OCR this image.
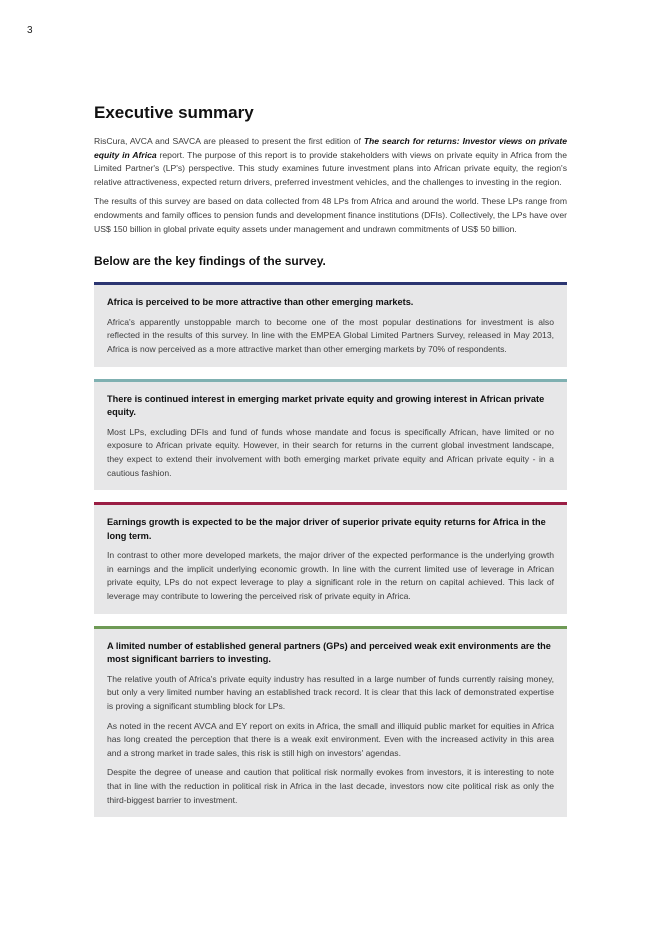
3
Executive summary

RisCura, AVCA and SAVCA are pleased to present the first edition of The search for returns: Investor views on private equity in Africa report. The purpose of this report is to provide stakeholders with views on private equity in Africa from the Limited Partner's (LP's) perspective. This study examines future investment plans into African private equity, the region's relative attractiveness, expected return drivers, preferred investment vehicles, and the challenges to investing in the region.

The results of this survey are based on data collected from 48 LPs from Africa and around the world. These LPs range from endowments and family offices to pension funds and development finance institutions (DFIs). Collectively, the LPs have over US$ 150 billion in global private equity assets under management and undrawn commitments of US$ 50 billion.

Below are the key findings of the survey.
Africa is perceived to be more attractive than other emerging markets.

Africa's apparently unstoppable march to become one of the most popular destinations for investment is also reflected in the results of this survey. In line with the EMPEA Global Limited Partners Survey, released in May 2013, Africa is now perceived as a more attractive market than other emerging markets by 70% of respondents.

There is continued interest in emerging market private equity and growing interest in African private equity.

Most LPs, excluding DFIs and fund of funds whose mandate and focus is specifically African, have limited or no exposure to African private equity. However, in their search for returns in the current global investment landscape, they expect to extend their involvement with both emerging market private equity and African private equity - in a cautious fashion.

Earnings growth is expected to be the major driver of superior private equity returns for Africa in the long term.

In contrast to other more developed markets, the major driver of the expected performance is the underlying growth in earnings and the implicit underlying economic growth. In line with the current limited use of leverage in African private equity, LPs do not expect leverage to play a significant role in the return on capital achieved. This lack of leverage may contribute to lowering the perceived risk of private equity in Africa.

A limited number of established general partners (GPs) and perceived weak exit environments are the most significant barriers to investing.

The relative youth of Africa's private equity industry has resulted in a large number of funds currently raising money, but only a very limited number having an established track record. It is clear that this lack of demonstrated expertise is proving a significant stumbling block for LPs.

As noted in the recent AVCA and EY report on exits in Africa, the small and illiquid public market for equities in Africa has long created the perception that there is a weak exit environment. Even with the increased activity in this area and a strong market in trade sales, this risk is still high on investors' agendas.

Despite the degree of unease and caution that political risk normally evokes from investors, it is interesting to note that in line with the reduction in political risk in Africa in the last decade, investors now cite political risk as only the third-biggest barrier to investment.
